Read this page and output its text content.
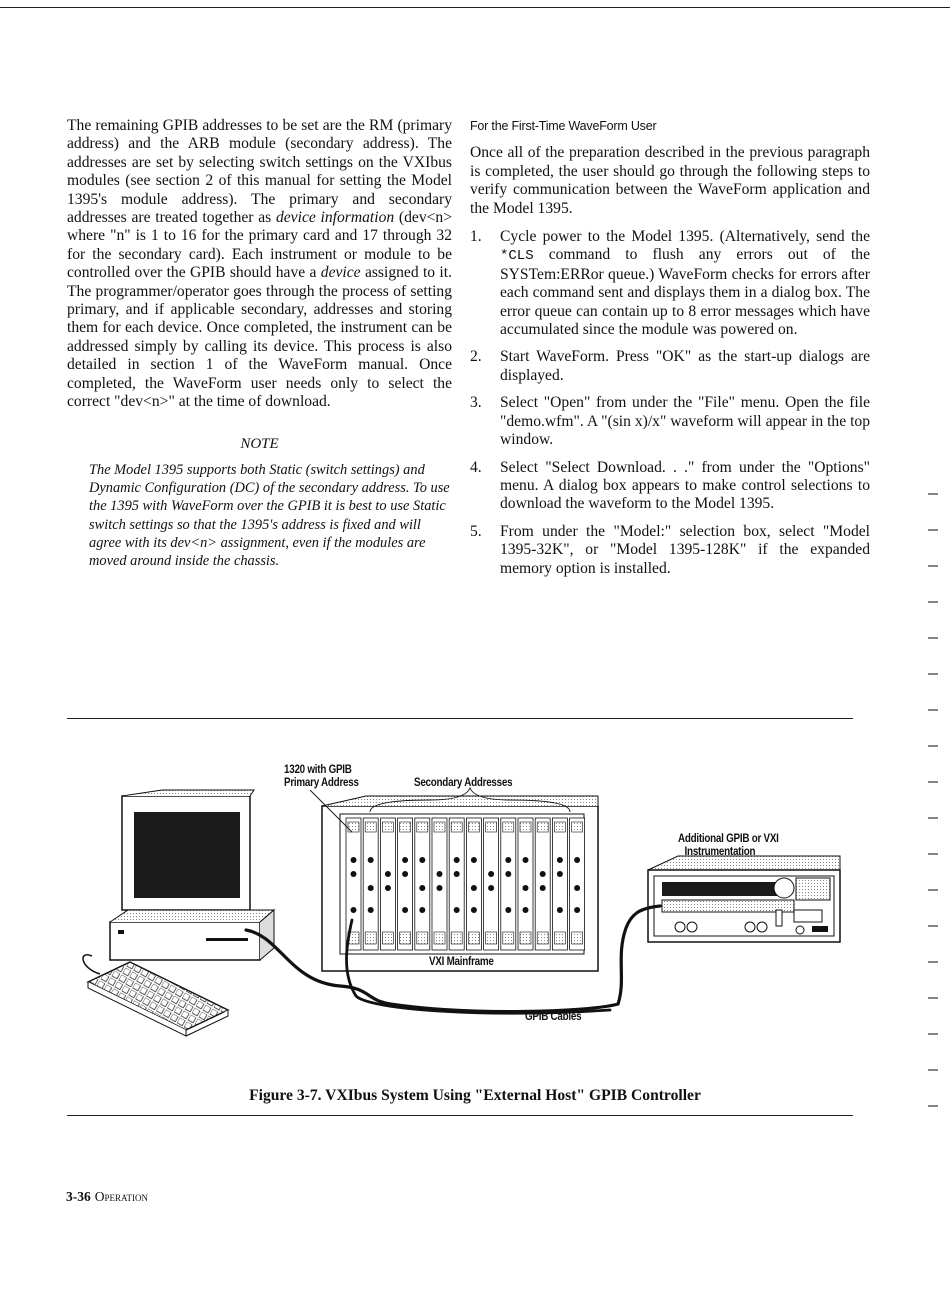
The remaining GPIB addresses to be set are the RM (primary address) and the ARB module (secondary address). The addresses are set by selecting switch settings on the VXIbus modules (see section 2 of this manual for setting the Model 1395's module address). The primary and secondary addresses are treated together as device information (dev<n> where "n" is 1 to 16 for the primary card and 17 through 32 for the secondary card). Each instrument or module to be controlled over the GPIB should have a device assigned to it. The programmer/operator goes through the process of setting primary, and if applicable secondary, addresses and storing them for each device. Once completed, the instrument can be addressed simply by calling its device. This process is also detailed in section 1 of the WaveForm manual. Once completed, the WaveForm user needs only to select the correct "dev<n>" at the time of download.

NOTE
The Model 1395 supports both Static (switch settings) and Dynamic Configuration (DC) of the secondary address. To use the 1395 with WaveForm over the GPIB it is best to use Static switch settings so that the 1395's address is fixed and will agree with its dev<n> assignment, even if the modules are moved around inside the chassis.
For the First-Time WaveForm User

Once all of the preparation described in the previous paragraph is completed, the user should go through the following steps to verify communication between the WaveForm application and the Model 1395.

1.	Cycle power to the Model 1395. (Alternatively, send the *CLS command to flush any errors out of the SYSTem:ERRor queue.) WaveForm checks for errors after each command sent and displays them in a dialog box. The error queue can contain up to 8 error messages which have accumulated since the module was powered on.
2.	Start WaveForm. Press "OK" as the start-up dialogs are displayed.
3.	Select "Open" from under the "File" menu. Open the file "demo.wfm". A "(sin x)/x" waveform will appear in the top window.
4.	Select "Select Download. . ." from under the "Options" menu. A dialog box appears to make control selections to download the waveform to the Model 1395.
5.	From under the "Model:" selection box, select "Model 1395-32K", or "Model 1395-128K" if the expanded memory option is installed.
1320 with GPIB
Primary Address	Secondary Addresses
Additional GPIB or VXI
Instrumentation
VXI Mainframe
GPIB Cables
Figure 3-7. VXIbus System Using "External Host" GPIB Controller
3-36 Operation
